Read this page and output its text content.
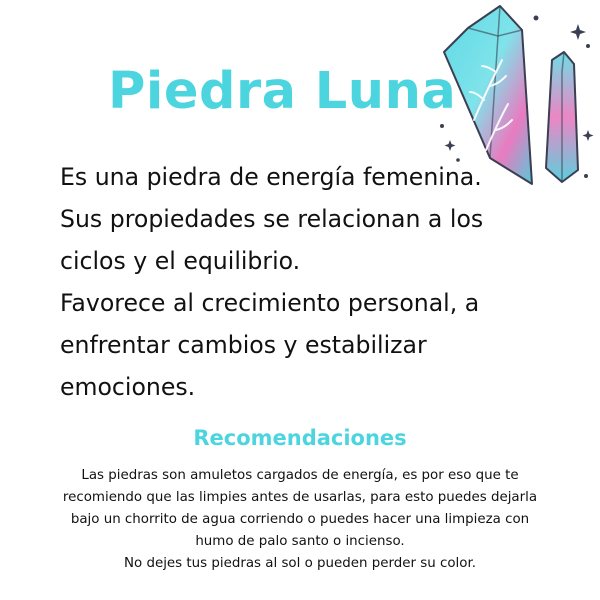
Piedra Luna
Es una piedra de energía femenina.
Sus propiedades se relacionan a los
ciclos y el equilibrio.
Favorece al crecimiento personal, a
enfrentar cambios y estabilizar
emociones.
Recomendaciones
Las piedras son amuletos cargados de energía, es por eso que te
recomiendo que las limpies antes de usarlas, para esto puedes dejarla
bajo un chorrito de agua corriendo o puedes hacer una limpieza con
humo de palo santo o incienso.
No dejes tus piedras al sol o pueden perder su color.
